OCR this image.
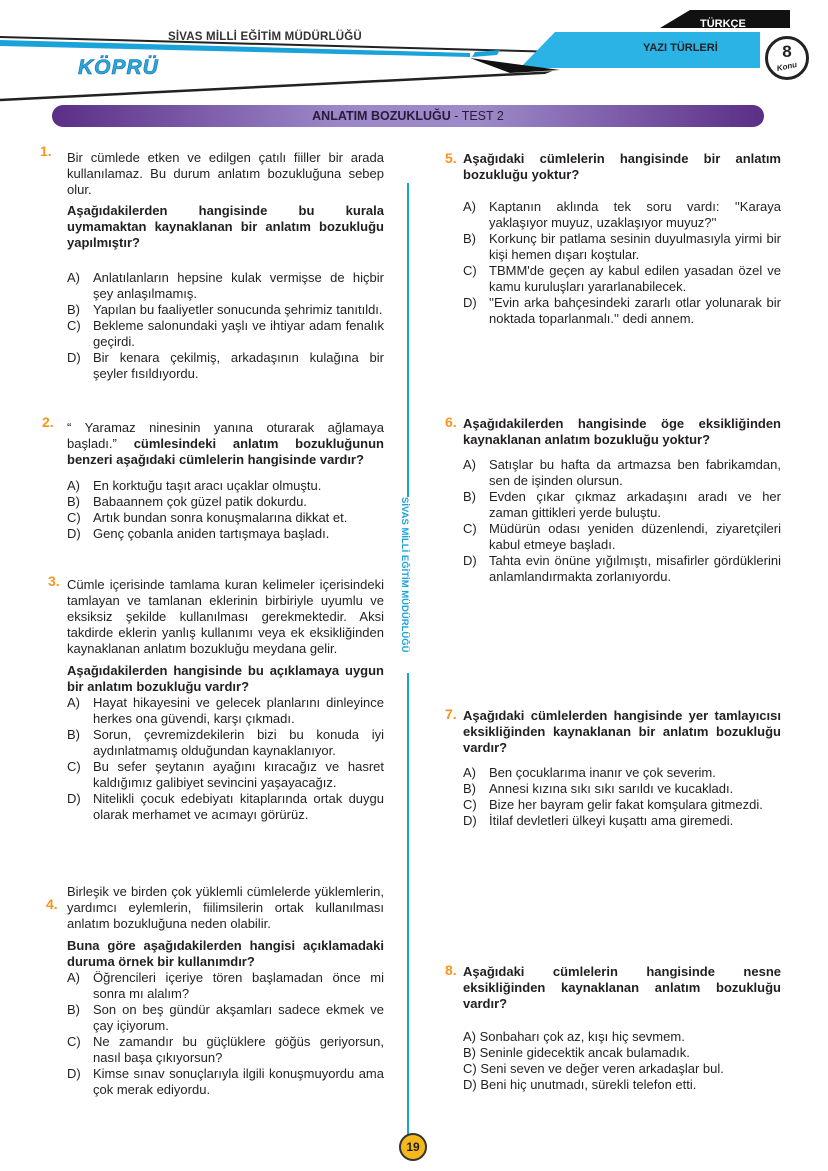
SİVAS MİLLİ EĞİTİM MÜDÜRLÜĞÜ
KÖPRÜ
TÜRKÇE
YAZI TÜRLERİ	8
Konu
ANLATIM BOZUKLUĞU - TEST 2
SİVAS MİLLİ EĞİTİM MÜDÜRLÜĞÜ
1. Bir cümlede etken ve edilgen çatılı fiiller bir arada kullanılamaz. Bu durum anlatım bozukluğuna sebep olur.
Aşağıdakilerden hangisinde bu kurala uymamaktan kaynaklanan bir anlatım bozukluğu yapılmıştır?
A)	Anlatılanların hepsine kulak vermişse de hiçbir şey anlaşılmamış.
B)	Yapılan bu faaliyetler sonucunda şehrimiz tanıtıldı.
C) Bekleme salonundaki yaşlı ve ihtiyar adam fenalık geçirdi.
D) Bir kenara çekilmiş, arkadaşının kulağına bir şeyler fısıldıyordu.
2. “ Yaramaz ninesinin yanına oturarak ağlamaya başladı.” cümlesindeki anlatım bozukluğunun benzeri aşağıdaki cümlelerin hangisinde vardır?
A)	En korktuğu taşıt aracı uçaklar olmuştu.
B)	Babaannem çok güzel patik dokurdu.
C) Artık bundan sonra konuşmalarına dikkat et.
D) Genç çobanla aniden tartışmaya başladı.
3. Cümle içerisinde tamlama kuran kelimeler içerisindeki tamlayan ve tamlanan eklerinin birbiriyle uyumlu ve eksiksiz şekilde kullanılması gerekmektedir. Aksi takdirde eklerin yanlış kullanımı veya ek eksikliğinden kaynaklanan anlatım bozukluğu meydana gelir.
Aşağıdakilerden hangisinde bu açıklamaya uygun bir anlatım bozukluğu vardır?
A)	Hayat hikayesini ve gelecek planlarını dinleyince herkes ona güvendi, karşı çıkmadı.
B)	Sorun, çevremizdekilerin bizi bu konuda iyi aydınlatmamış olduğundan kaynaklanıyor.
C) Bu sefer şeytanın ayağını kıracağız ve hasret kaldığımız galibiyet sevincini yaşayacağız.
D) Nitelikli çocuk edebiyatı kitaplarında ortak duygu olarak merhamet ve acımayı görürüz.
4.
Birleşik ve birden çok yüklemli cümlelerde yüklemlerin, yardımcı eylemlerin, fiilimsilerin ortak kullanılması anlatım bozukluğuna neden olabilir.
Buna göre aşağıdakilerden hangisi açıklamadaki duruma örnek bir kullanımdır?
A)	Öğrencileri içeriye tören başlamadan önce mi sonra mı alalım?
B)	Son on beş gündür akşamları sadece ekmek ve çay içiyorum.
C) Ne zamandır bu güçlüklere göğüs geriyorsun, nasıl başa çıkıyorsun?
D) Kimse sınav sonuçlarıyla ilgili konuşmuyordu ama çok merak ediyordu.
5. Aşağıdaki cümlelerin hangisinde bir anlatım bozukluğu yoktur?
A)	Kaptanın aklında tek soru vardı: ''Karaya yaklaşıyor muyuz, uzaklaşıyor muyuz?''
B)	Korkunç bir patlama sesinin duyulmasıyla yirmi bir kişi hemen dışarı koştular.
C) TBMM'de geçen ay kabul edilen yasadan özel ve kamu kuruluşları yararlanabilecek.
D) ''Evin arka bahçesindeki zararlı otlar yolunarak bir noktada toparlanmalı.'' dedi annem.
6. Aşağıdakilerden hangisinde öge eksikliğinden kaynaklanan anlatım bozukluğu yoktur?
A)	Satışlar bu hafta da artmazsa ben fabrikamdan, sen de işinden olursun.
B)	Evden çıkar çıkmaz arkadaşını aradı ve her zaman gittikleri yerde buluştu.
C) Müdürün odası yeniden düzenlendi, ziyaretçileri kabul etmeye başladı.
D) Tahta evin önüne yığılmıştı, misafirler gördüklerini anlamlandırmakta zorlanıyordu.
7. Aşağıdaki cümlelerden hangisinde yer tamlayıcısı eksikliğinden kaynaklanan bir anlatım bozukluğu vardır?
A)	Ben çocuklarıma inanır ve çok severim.
B)	Annesi kızına sıkı sıkı sarıldı ve kucakladı.
C) Bize her bayram gelir fakat komşulara gitmezdi.
D) İtilaf devletleri ülkeyi kuşattı ama giremedi.
8. Aşağıdaki cümlelerin hangisinde nesne eksikliğinden kaynaklanan anlatım bozukluğu vardır?
A) Sonbaharı çok az, kışı hiç sevmem.
B) Seninle gidecektik ancak bulamadık.
C) Seni seven ve değer veren arkadaşlar bul.
D) Beni hiç unutmadı, sürekli telefon etti.
19
